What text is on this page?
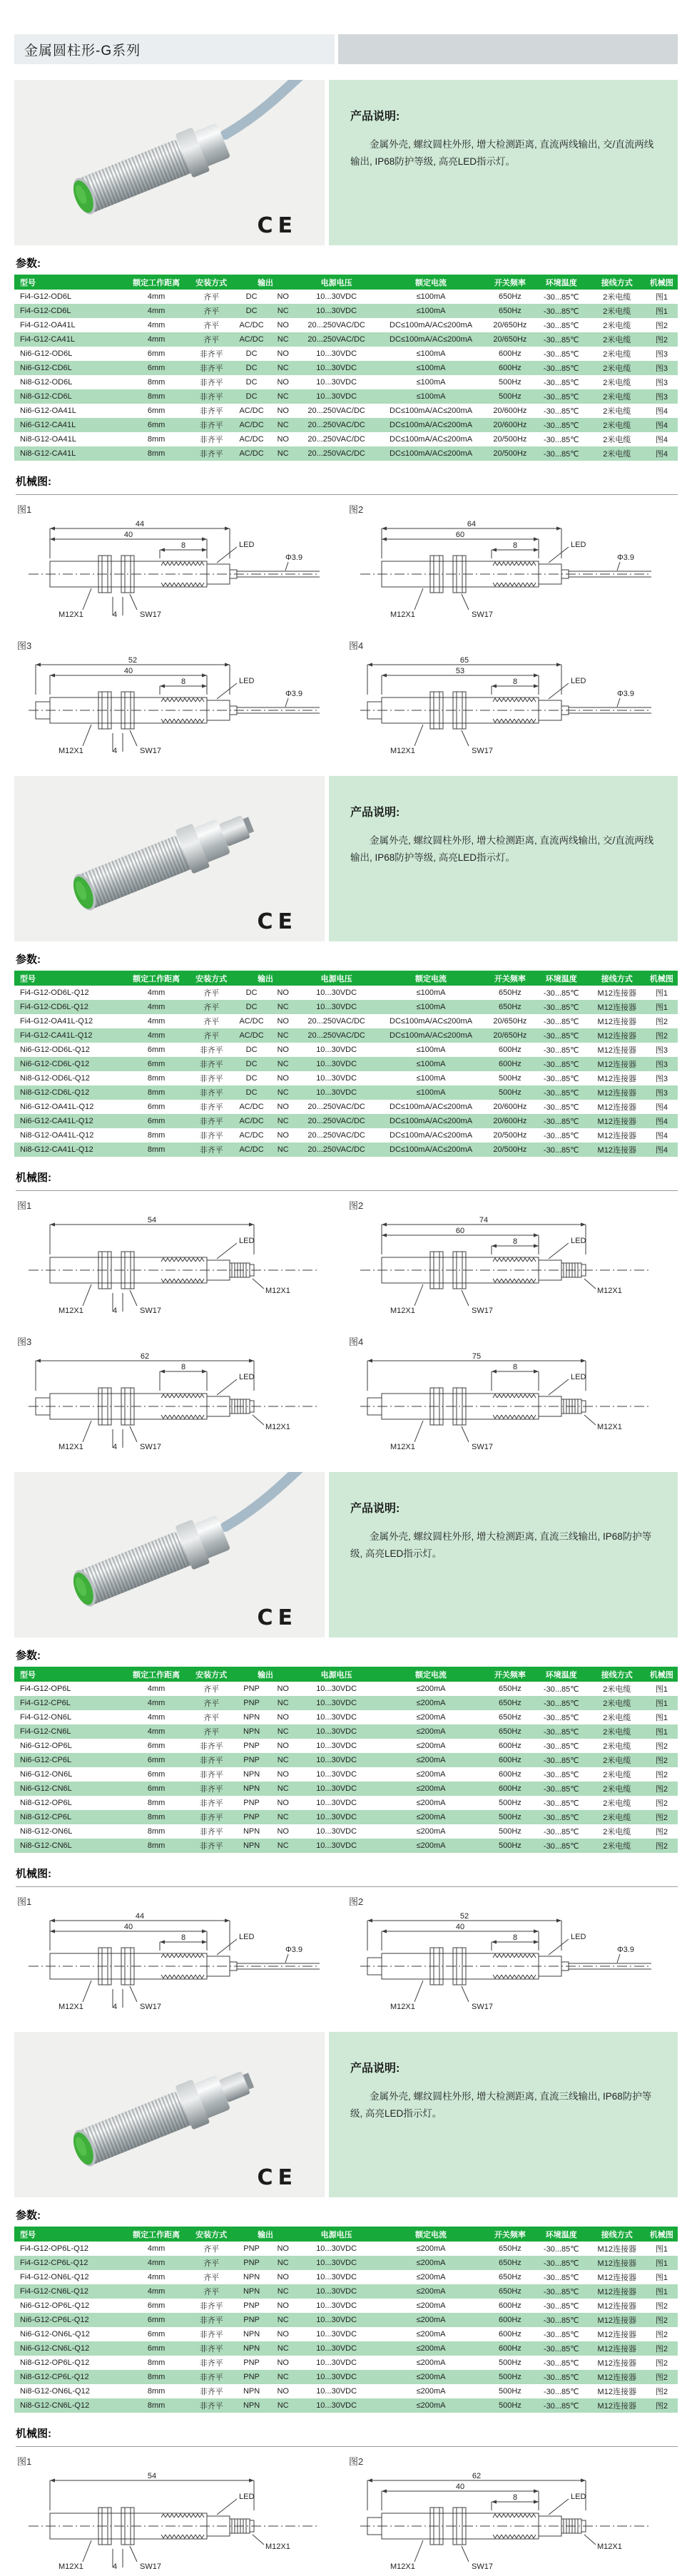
金属圆柱形-G系列
CE
产品说明:

金属外壳, 螺纹圆柱外形, 增大检测距离, 直流两线输出, 交/直流两线输出, IP68防护等级, 高亮LED指示灯。

参数:
型号	额定工作距离	安装方式	输出		电源电压	额定电流	开关频率	环境温度	接线方式	机械图
Fi4-G12-OD6L	4mm	齐平	DC	NO	10...30VDC	≤100mA	650Hz	-30...85℃	2米电缆	图1
Fi4-G12-CD6L	4mm	齐平	DC	NC	10...30VDC	≤100mA	650Hz	-30...85℃	2米电缆	图1
Fi4-G12-OA41L	4mm	齐平	AC/DC	NO	20...250VAC/DC	DC≤100mA/AC≤200mA	20/650Hz	-30...85℃	2米电缆	图2
Fi4-G12-CA41L	4mm	齐平	AC/DC	NC	20...250VAC/DC	DC≤100mA/AC≤200mA	20/650Hz	-30...85℃	2米电缆	图2
Ni6-G12-OD6L	6mm	非齐平	DC	NO	10...30VDC	≤100mA	600Hz	-30...85℃	2米电缆	图3
Ni6-G12-CD6L	6mm	非齐平	DC	NC	10...30VDC	≤100mA	600Hz	-30...85℃	2米电缆	图3
Ni8-G12-OD6L	8mm	非齐平	DC	NO	10...30VDC	≤100mA	500Hz	-30...85℃	2米电缆	图3
Ni8-G12-CD6L	8mm	非齐平	DC	NC	10...30VDC	≤100mA	500Hz	-30...85℃	2米电缆	图3
Ni6-G12-OA41L	6mm	非齐平	AC/DC	NO	20...250VAC/DC	DC≤100mA/AC≤200mA	20/600Hz	-30...85℃	2米电缆	图4
Ni6-G12-CA41L	6mm	非齐平	AC/DC	NC	20...250VAC/DC	DC≤100mA/AC≤200mA	20/600Hz	-30...85℃	2米电缆	图4
Ni8-G12-OA41L	8mm	非齐平	AC/DC	NO	20...250VAC/DC	DC≤100mA/AC≤200mA	20/500Hz	-30...85℃	2米电缆	图4
Ni8-G12-CA41L	8mm	非齐平	AC/DC	NC	20...250VAC/DC	DC≤100mA/AC≤200mA	20/500Hz	-30...85℃	2米电缆	图4
机械图:
图1
44
40
8
Φ3.9
LED
M12X1	4	SW17
图2
64
60
8
Φ3.9
LED
M12X1	SW17
图3
52
40
8
Φ3.9
LED
M12X1	4	SW17
图4
65
53
8
Φ3.9
LED
M12X1	SW17
CE
产品说明:

金属外壳, 螺纹圆柱外形, 增大检测距离, 直流两线输出, 交/直流两线输出, IP68防护等级, 高亮LED指示灯。

参数:
型号	额定工作距离	安装方式	输出		电源电压	额定电流	开关频率	环境温度	接线方式	机械图
Fi4-G12-OD6L-Q12	4mm	齐平	DC	NO	10...30VDC	≤100mA	650Hz	-30...85℃	M12连接器	图1
Fi4-G12-CD6L-Q12	4mm	齐平	DC	NC	10...30VDC	≤100mA	650Hz	-30...85℃	M12连接器	图1
Fi4-G12-OA41L-Q12	4mm	齐平	AC/DC	NO	20...250VAC/DC	DC≤100mA/AC≤200mA	20/650Hz	-30...85℃	M12连接器	图2
Fi4-G12-CA41L-Q12	4mm	齐平	AC/DC	NC	20...250VAC/DC	DC≤100mA/AC≤200mA	20/650Hz	-30...85℃	M12连接器	图2
Ni6-G12-OD6L-Q12	6mm	非齐平	DC	NO	10...30VDC	≤100mA	600Hz	-30...85℃	M12连接器	图3
Ni6-G12-CD6L-Q12	6mm	非齐平	DC	NC	10...30VDC	≤100mA	600Hz	-30...85℃	M12连接器	图3
Ni8-G12-OD6L-Q12	8mm	非齐平	DC	NO	10...30VDC	≤100mA	500Hz	-30...85℃	M12连接器	图3
Ni8-G12-CD6L-Q12	8mm	非齐平	DC	NC	10...30VDC	≤100mA	500Hz	-30...85℃	M12连接器	图3
Ni6-G12-OA41L-Q12	6mm	非齐平	AC/DC	NO	20...250VAC/DC	DC≤100mA/AC≤200mA	20/600Hz	-30...85℃	M12连接器	图4
Ni6-G12-CA41L-Q12	6mm	非齐平	AC/DC	NC	20...250VAC/DC	DC≤100mA/AC≤200mA	20/600Hz	-30...85℃	M12连接器	图4
Ni8-G12-OA41L-Q12	8mm	非齐平	AC/DC	NO	20...250VAC/DC	DC≤100mA/AC≤200mA	20/500Hz	-30...85℃	M12连接器	图4
Ni8-G12-CA41L-Q12	8mm	非齐平	AC/DC	NC	20...250VAC/DC	DC≤100mA/AC≤200mA	20/500Hz	-30...85℃	M12连接器	图4
机械图:
图1
54
M12X1
LED
M12X1	4	SW17
图2
74
60
8
M12X1
LED
M12X1	SW17
图3
62
8
M12X1
LED
M12X1	4	SW17
图4
75
8
M12X1
LED
M12X1	SW17
CE
产品说明:

金属外壳, 螺纹圆柱外形, 增大检测距离, 直流三线输出, IP68防护等级, 高亮LED指示灯。

参数:
型号	额定工作距离	安装方式	输出		电源电压	额定电流	开关频率	环境温度	接线方式	机械图
Fi4-G12-OP6L	4mm	齐平	PNP	NO	10...30VDC	≤200mA	650Hz	-30...85℃	2米电缆	图1
Fi4-G12-CP6L	4mm	齐平	PNP	NC	10...30VDC	≤200mA	650Hz	-30...85℃	2米电缆	图1
Fi4-G12-ON6L	4mm	齐平	NPN	NO	10...30VDC	≤200mA	650Hz	-30...85℃	2米电缆	图1
Fi4-G12-CN6L	4mm	齐平	NPN	NC	10...30VDC	≤200mA	650Hz	-30...85℃	2米电缆	图1
Ni6-G12-OP6L	6mm	非齐平	PNP	NO	10...30VDC	≤200mA	600Hz	-30...85℃	2米电缆	图2
Ni6-G12-CP6L	6mm	非齐平	PNP	NC	10...30VDC	≤200mA	600Hz	-30...85℃	2米电缆	图2
Ni6-G12-ON6L	6mm	非齐平	NPN	NO	10...30VDC	≤200mA	600Hz	-30...85℃	2米电缆	图2
Ni6-G12-CN6L	6mm	非齐平	NPN	NC	10...30VDC	≤200mA	600Hz	-30...85℃	2米电缆	图2
Ni8-G12-OP6L	8mm	非齐平	PNP	NO	10...30VDC	≤200mA	500Hz	-30...85℃	2米电缆	图2
Ni8-G12-CP6L	8mm	非齐平	PNP	NC	10...30VDC	≤200mA	500Hz	-30...85℃	2米电缆	图2
Ni8-G12-ON6L	8mm	非齐平	NPN	NO	10...30VDC	≤200mA	500Hz	-30...85℃	2米电缆	图2
Ni8-G12-CN6L	8mm	非齐平	NPN	NC	10...30VDC	≤200mA	500Hz	-30...85℃	2米电缆	图2
机械图:
图1
44
40
8
Φ3.9
LED
M12X1	4	SW17
图2
52
40
8
Φ3.9
LED
M12X1	SW17
CE
产品说明:

金属外壳, 螺纹圆柱外形, 增大检测距离, 直流三线输出, IP68防护等级, 高亮LED指示灯。

参数:
型号	额定工作距离	安装方式	输出		电源电压	额定电流	开关频率	环境温度	接线方式	机械图
Fi4-G12-OP6L-Q12	4mm	齐平	PNP	NO	10...30VDC	≤200mA	650Hz	-30...85℃	M12连接器	图1
Fi4-G12-CP6L-Q12	4mm	齐平	PNP	NC	10...30VDC	≤200mA	650Hz	-30...85℃	M12连接器	图1
Fi4-G12-ON6L-Q12	4mm	齐平	NPN	NO	10...30VDC	≤200mA	650Hz	-30...85℃	M12连接器	图1
Fi4-G12-CN6L-Q12	4mm	齐平	NPN	NC	10...30VDC	≤200mA	650Hz	-30...85℃	M12连接器	图1
Ni6-G12-OP6L-Q12	6mm	非齐平	PNP	NO	10...30VDC	≤200mA	600Hz	-30...85℃	M12连接器	图2
Ni6-G12-CP6L-Q12	6mm	非齐平	PNP	NC	10...30VDC	≤200mA	600Hz	-30...85℃	M12连接器	图2
Ni6-G12-ON6L-Q12	6mm	非齐平	NPN	NO	10...30VDC	≤200mA	600Hz	-30...85℃	M12连接器	图2
Ni6-G12-CN6L-Q12	6mm	非齐平	NPN	NC	10...30VDC	≤200mA	600Hz	-30...85℃	M12连接器	图2
Ni8-G12-OP6L-Q12	8mm	非齐平	PNP	NO	10...30VDC	≤200mA	500Hz	-30...85℃	M12连接器	图2
Ni8-G12-CP6L-Q12	8mm	非齐平	PNP	NC	10...30VDC	≤200mA	500Hz	-30...85℃	M12连接器	图2
Ni8-G12-ON6L-Q12	8mm	非齐平	NPN	NO	10...30VDC	≤200mA	500Hz	-30...85℃	M12连接器	图2
Ni8-G12-CN6L-Q12	8mm	非齐平	NPN	NC	10...30VDC	≤200mA	500Hz	-30...85℃	M12连接器	图2
机械图:
图1
54
M12X1
LED
M12X1	4	SW17
图2
62
40
8
M12X1
LED
M12X1	SW17
